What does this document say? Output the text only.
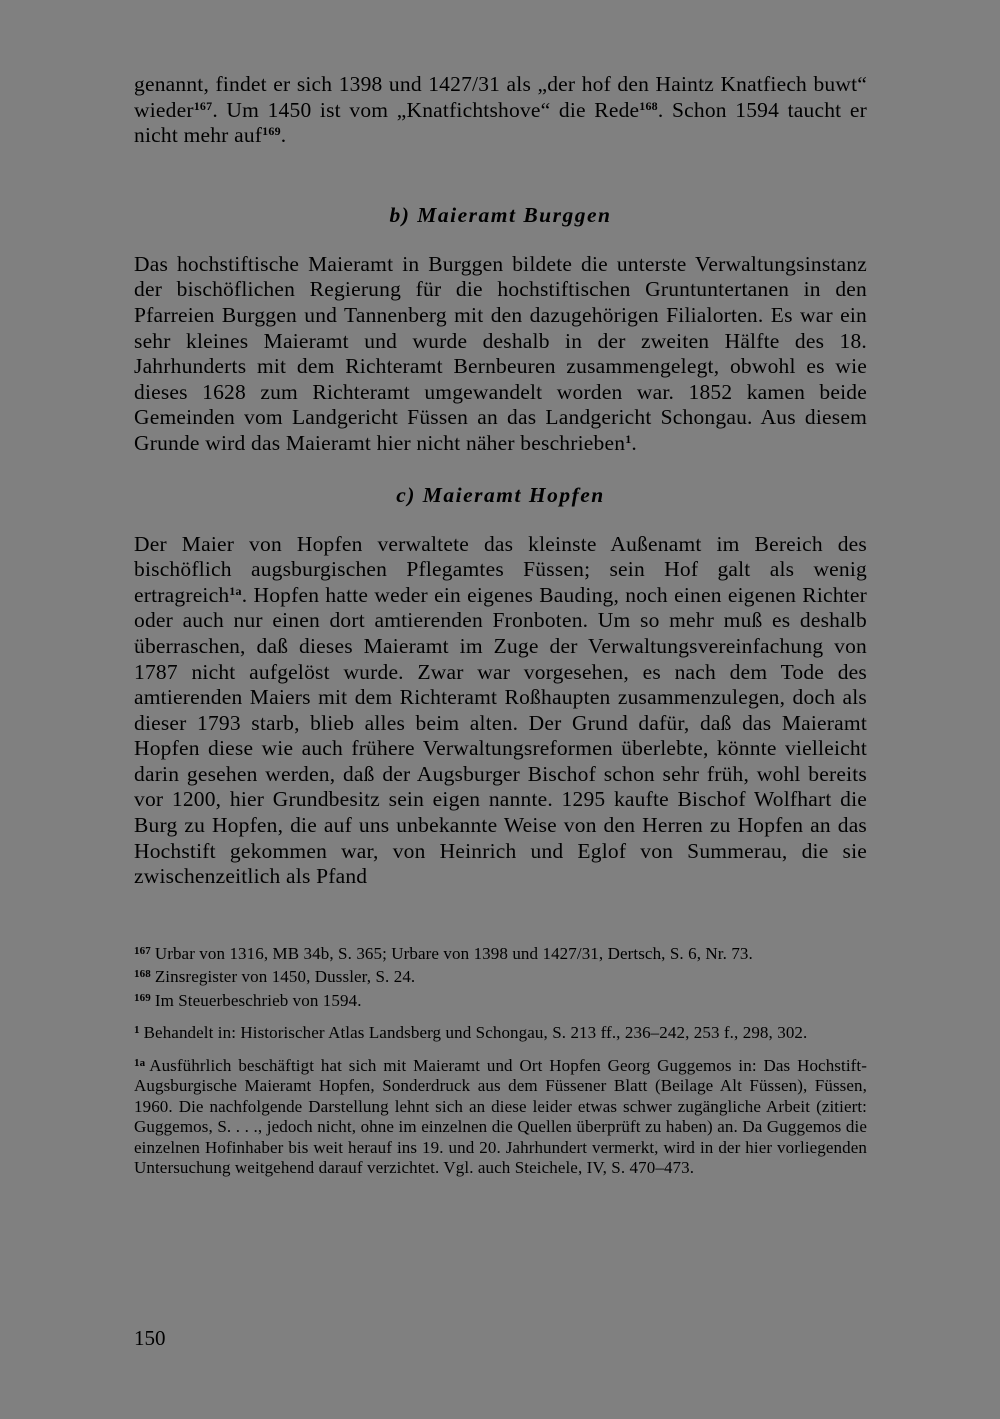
genannt, findet er sich 1398 und 1427/31 als „der hof den Haintz Knatfiech buwt“ wieder$^{167}$. Um 1450 ist vom „Knatfichtshove“ die Rede$^{168}$. Schon 1594 taucht er nicht mehr auf$^{169}$.

b) Maieramt Burggen

Das hochstiftische Maieramt in Burggen bildete die unterste Verwaltungsinstanz der bischöflichen Regierung für die hochstiftischen Gruntuntertanen in den Pfarreien Burggen und Tannenberg mit den dazugehörigen Filialorten. Es war ein sehr kleines Maieramt und wurde deshalb in der zweiten Hälfte des 18. Jahrhunderts mit dem Richteramt Bernbeuren zusammengelegt, obwohl es wie dieses 1628 zum Richteramt umgewandelt worden war. 1852 kamen beide Gemeinden vom Landgericht Füssen an das Landgericht Schongau. Aus diesem Grunde wird das Maieramt hier nicht näher beschrieben$^1$.

c) Maieramt Hopfen

Der Maier von Hopfen verwaltete das kleinste Außenamt im Bereich des bischöflich augsburgischen Pflegamtes Füssen; sein Hof galt als wenig ertragreich$^{1a}$. Hopfen hatte weder ein eigenes Bauding, noch einen eigenen Richter oder auch nur einen dort amtierenden Fronboten. Um so mehr muß es deshalb überraschen, daß dieses Maieramt im Zuge der Verwaltungsvereinfachung von 1787 nicht aufgelöst wurde. Zwar war vorgesehen, es nach dem Tode des amtierenden Maiers mit dem Richteramt Roßhaupten zusammenzulegen, doch als dieser 1793 starb, blieb alles beim alten. Der Grund dafür, daß das Maieramt Hopfen diese wie auch frühere Verwaltungsreformen überlebte, könnte vielleicht darin gesehen werden, daß der Augsburger Bischof schon sehr früh, wohl bereits vor 1200, hier Grundbesitz sein eigen nannte. 1295 kaufte Bischof Wolfhart die Burg zu Hopfen, die auf uns unbekannte Weise von den Herren zu Hopfen an das Hochstift gekommen war, von Heinrich und Eglof von Summerau, die sie zwischenzeitlich als Pfand

$^{167}$ Urbar von 1316, MB 34b, S. 365; Urbare von 1398 und 1427/31, Dertsch, S. 6, Nr. 73.

$^{168}$ Zinsregister von 1450, Dussler, S. 24.

$^{169}$ Im Steuerbeschrieb von 1594.

$^1$ Behandelt in: Historischer Atlas Landsberg und Schongau, S. 213 ff., 236–242, 253 f., 298, 302.

$^{1a}$ Ausführlich beschäftigt hat sich mit Maieramt und Ort Hopfen Georg Guggemos in: Das Hochstift-Augsburgische Maieramt Hopfen, Sonderdruck aus dem Füssener Blatt (Beilage Alt Füssen), Füssen, 1960. Die nachfolgende Darstellung lehnt sich an diese leider etwas schwer zugängliche Arbeit (zitiert: Guggemos, S. . . ., jedoch nicht, ohne im einzelnen die Quellen überprüft zu haben) an. Da Guggemos die einzelnen Hofinhaber bis weit herauf ins 19. und 20. Jahrhundert vermerkt, wird in der hier vorliegenden Untersuchung weitgehend darauf verzichtet. Vgl. auch Steichele, IV, S. 470–473.

150
